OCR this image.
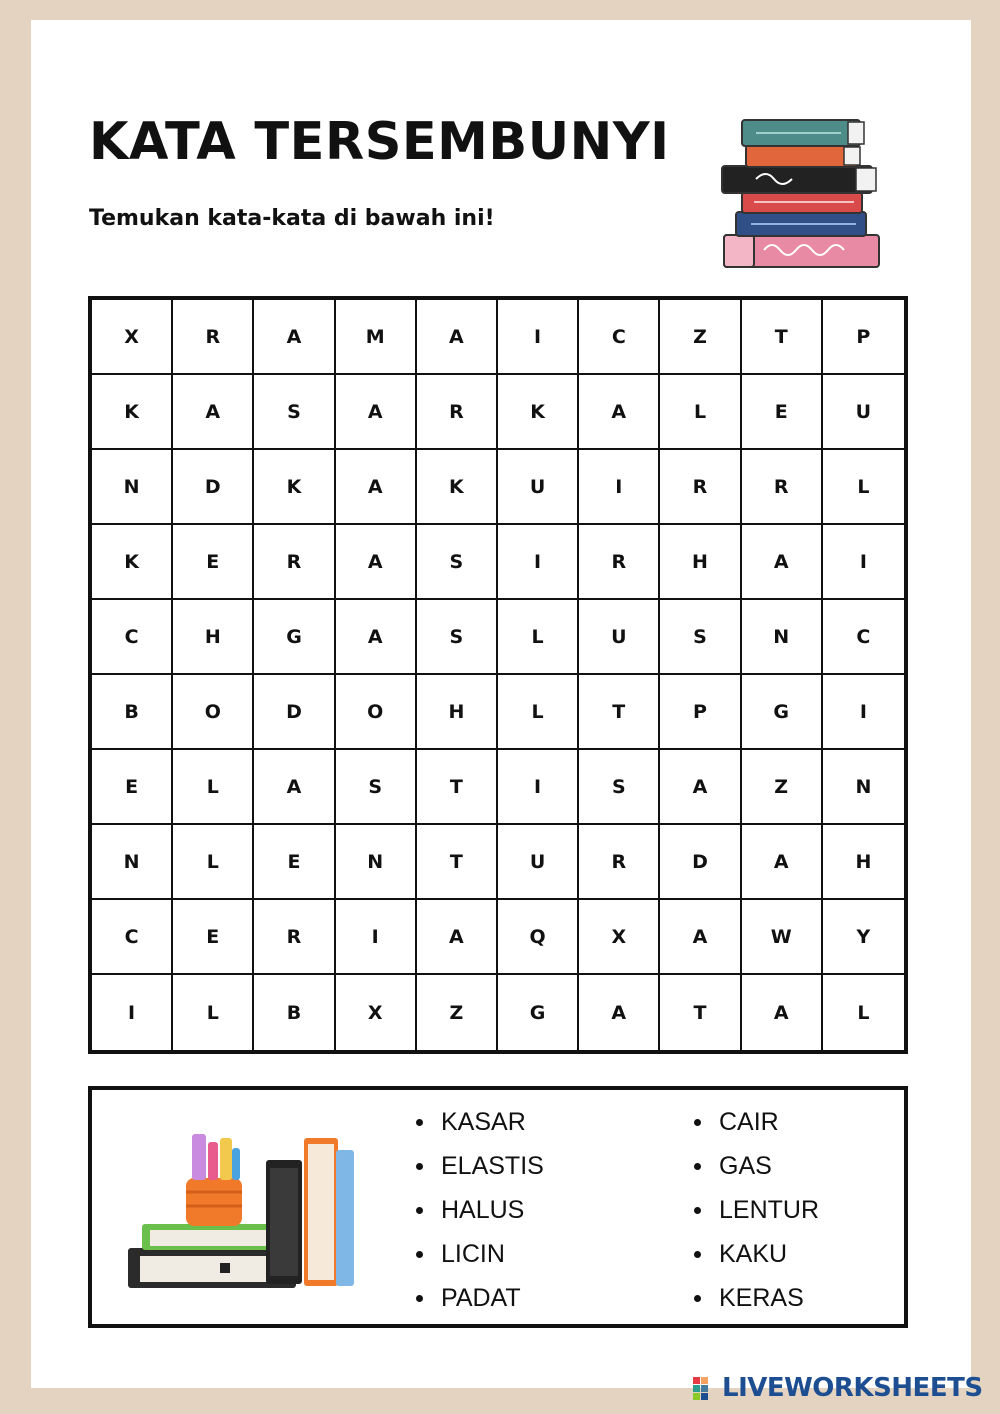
KATA TERSEMBUNYI
Temukan kata-kata di bawah ini!
X	R	A	M	A	I	C	Z	T	P
K	A	S	A	R	K	A	L	E	U
N	D	K	A	K	U	I	R	R	L
K	E	R	A	S	I	R	H	A	I
C	H	G	A	S	L	U	S	N	C
B	O	D	O	H	L	T	P	G	I
E	L	A	S	T	I	S	A	Z	N
N	L	E	N	T	U	R	D	A	H
C	E	R	I	A	Q	X	A	W	Y
I	L	B	X	Z	G	A	T	A	L
KASAR
ELASTIS
HALUS
LICIN
PADAT
CAIR
GAS
LENTUR
KAKU
KERAS
LIVEWORKSHEETS
